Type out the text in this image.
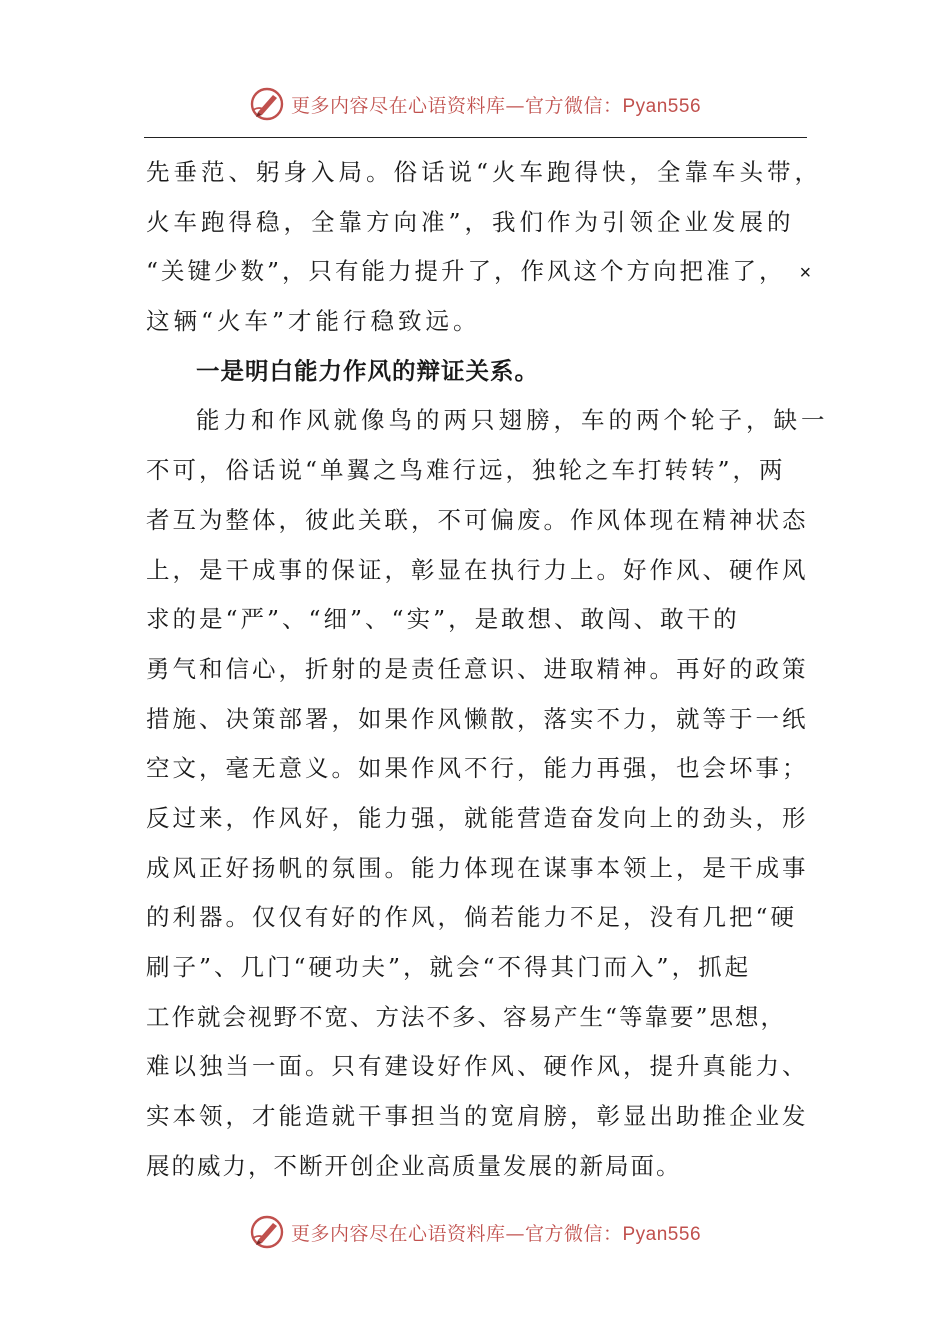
更多内容尽在心语资料库—官方微信：Pyan556
先垂范、躬身入局。俗话说“火车跑得快，全靠车头带，
火车跑得稳，全靠方向准”，我们作为引领企业发展的
“关键少数”，只有能力提升了，作风这个方向把准了， ×
这辆“火车”才能行稳致远。
一是明白能力作风的辩证关系。
能力和作风就像鸟的两只翅膀，车的两个轮子，缺一
不可，俗话说“单翼之鸟难行远，独轮之车打转转”，两
者互为整体，彼此关联，不可偏废。作风体现在精神状态
上，是干成事的保证，彰显在执行力上。好作风、硬作风
求的是“严”、“细”、“实”，是敢想、敢闯、敢干的
勇气和信心，折射的是责任意识、进取精神。再好的政策
措施、决策部署，如果作风懒散，落实不力，就等于一纸
空文，毫无意义。如果作风不行，能力再强，也会坏事；
反过来，作风好，能力强，就能营造奋发向上的劲头，形
成风正好扬帆的氛围。能力体现在谋事本领上，是干成事
的利器。仅仅有好的作风，倘若能力不足，没有几把“硬
刷子”、几门“硬功夫”，就会“不得其门而入”，抓起
工作就会视野不宽、方法不多、容易产生“等靠要”思想，
难以独当一面。只有建设好作风、硬作风，提升真能力、
实本领，才能造就干事担当的宽肩膀，彰显出助推企业发
展的威力，不断开创企业高质量发展的新局面。
更多内容尽在心语资料库—官方微信：Pyan556
